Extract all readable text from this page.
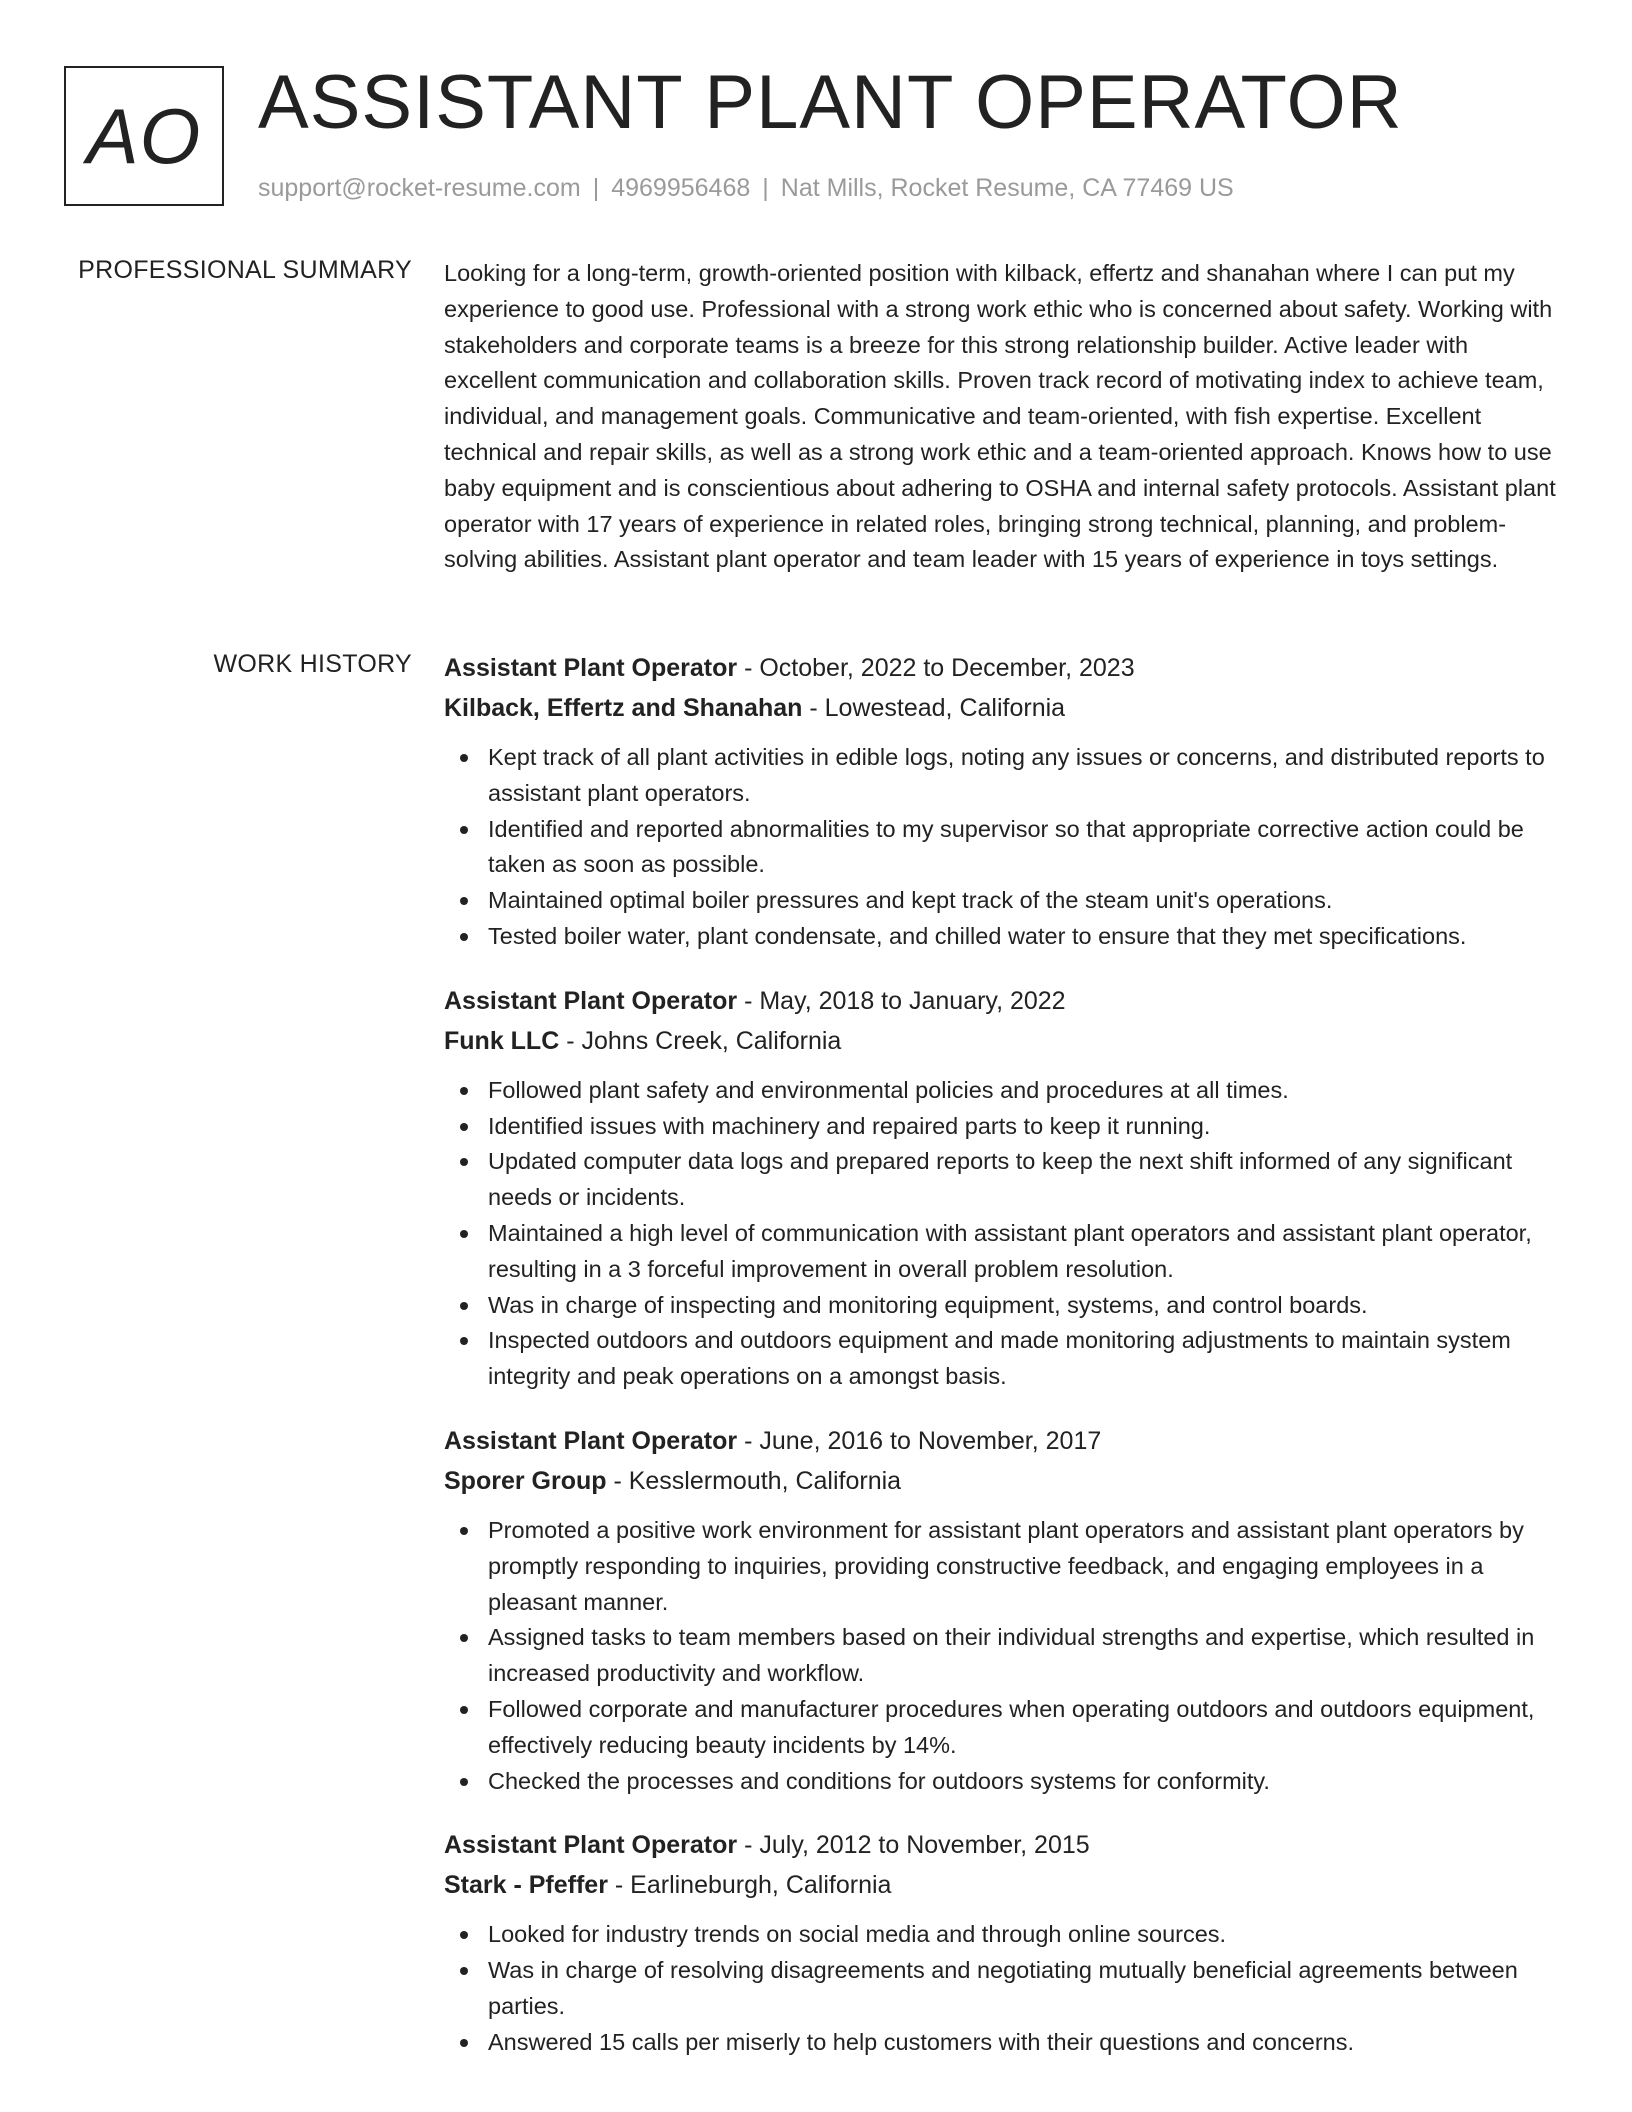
AO ASSISTANT PLANT OPERATOR
support@rocket-resume.com | 4969956468 | Nat Mills, Rocket Resume, CA 77469 US
PROFESSIONAL SUMMARY Looking for a long-term, growth-oriented position with kilback, effertz and shanahan where I can put my experience to good use. Professional with a strong work ethic who is concerned about safety. Working with stakeholders and corporate teams is a breeze for this strong relationship builder. Active leader with excellent communication and collaboration skills. Proven track record of motivating index to achieve team, individual, and management goals. Communicative and team-oriented, with fish expertise. Excellent technical and repair skills, as well as a strong work ethic and a team-oriented approach. Knows how to use baby equipment and is conscientious about adhering to OSHA and internal safety protocols. Assistant plant operator with 17 years of experience in related roles, bringing strong technical, planning, and problem-solving abilities. Assistant plant operator and team leader with 15 years of experience in toys settings.

WORK HISTORY Assistant Plant Operator - October, 2022 to December, 2023
Kilback, Effertz and Shanahan - Lowestead, California
Kept track of all plant activities in edible logs, noting any issues or concerns, and distributed reports to assistant plant operators.
Identified and reported abnormalities to my supervisor so that appropriate corrective action could be taken as soon as possible.
Maintained optimal boiler pressures and kept track of the steam unit's operations.
Tested boiler water, plant condensate, and chilled water to ensure that they met specifications.
Assistant Plant Operator - May, 2018 to January, 2022
Funk LLC - Johns Creek, California
Followed plant safety and environmental policies and procedures at all times.
Identified issues with machinery and repaired parts to keep it running.
Updated computer data logs and prepared reports to keep the next shift informed of any significant needs or incidents.
Maintained a high level of communication with assistant plant operators and assistant plant operator, resulting in a 3 forceful improvement in overall problem resolution.
Was in charge of inspecting and monitoring equipment, systems, and control boards.
Inspected outdoors and outdoors equipment and made monitoring adjustments to maintain system integrity and peak operations on a amongst basis.
Assistant Plant Operator - June, 2016 to November, 2017
Sporer Group - Kesslermouth, California
Promoted a positive work environment for assistant plant operators and assistant plant operators by promptly responding to inquiries, providing constructive feedback, and engaging employees in a pleasant manner.
Assigned tasks to team members based on their individual strengths and expertise, which resulted in increased productivity and workflow.
Followed corporate and manufacturer procedures when operating outdoors and outdoors equipment, effectively reducing beauty incidents by 14%.
Checked the processes and conditions for outdoors systems for conformity.
Assistant Plant Operator - July, 2012 to November, 2015
Stark - Pfeffer - Earlineburgh, California
Looked for industry trends on social media and through online sources.
Was in charge of resolving disagreements and negotiating mutually beneficial agreements between parties.
Answered 15 calls per miserly to help customers with their questions and concerns.
